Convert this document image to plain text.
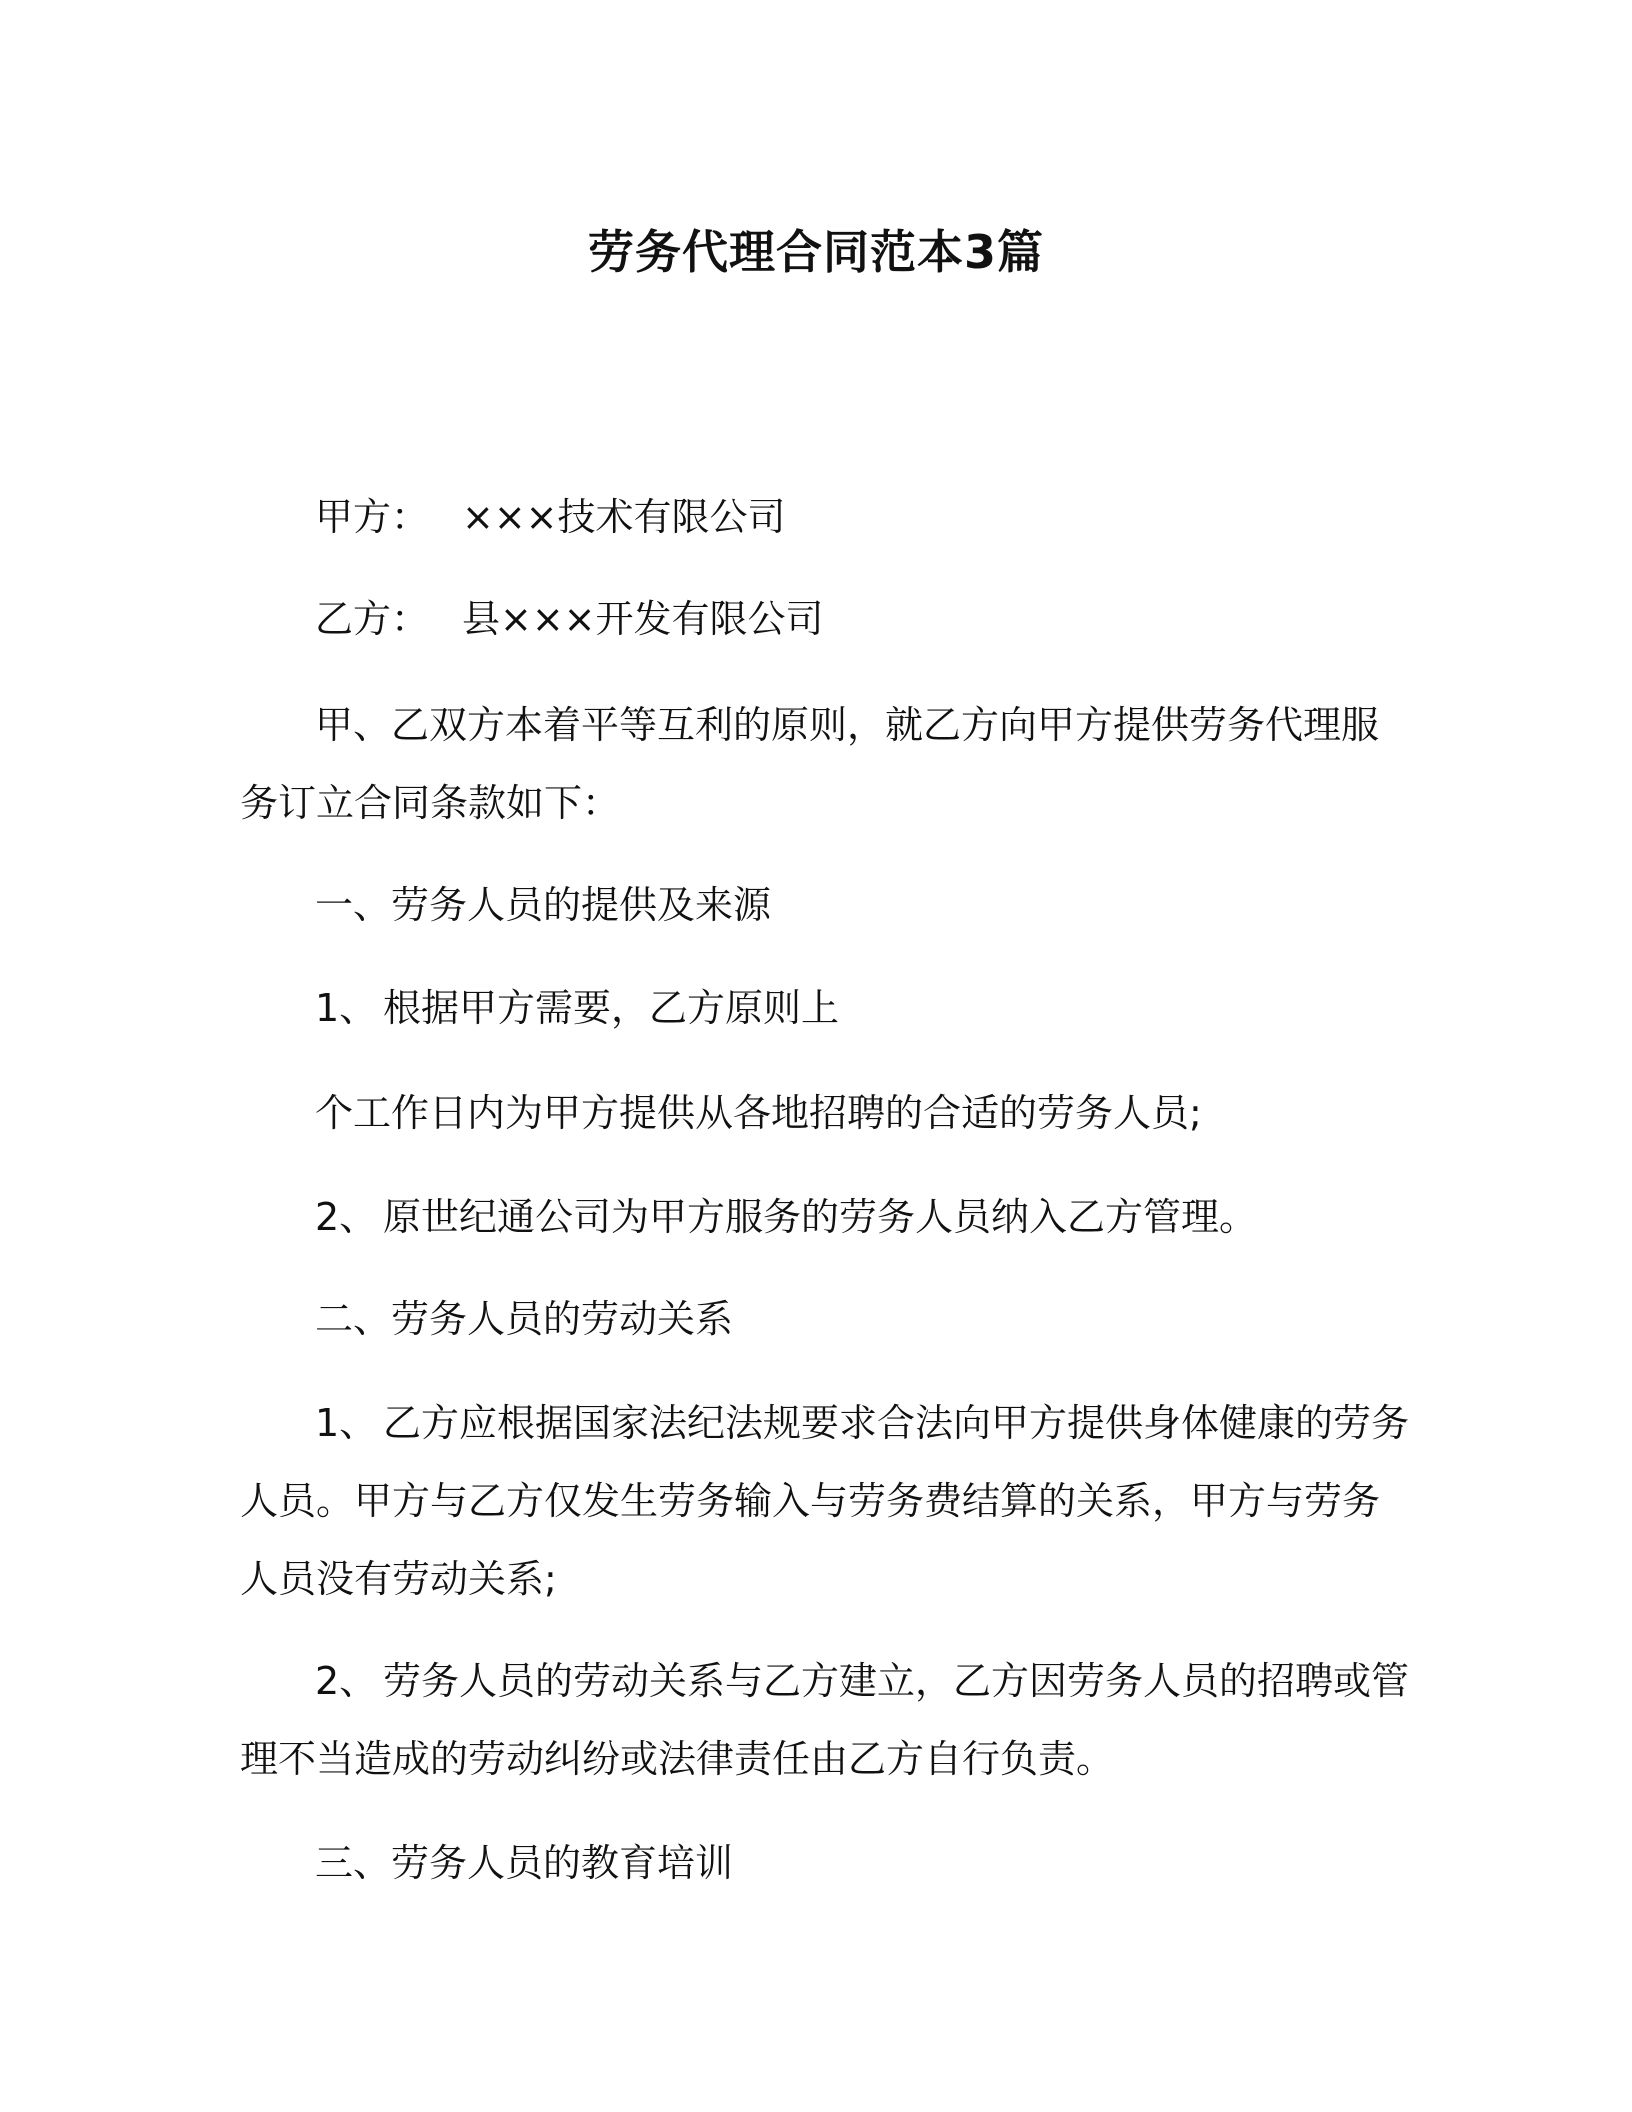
劳务代理合同范本3篇
甲方： ×××技术有限公司
乙方： 县×××开发有限公司
甲、乙双方本着平等互利的原则，就乙方向甲方提供劳务代理服
务订立合同条款如下：
一、劳务人员的提供及来源
1、 根据甲方需要，乙方原则上
个工作日内为甲方提供从各地招聘的合适的劳务人员;
2、 原世纪通公司为甲方服务的劳务人员纳入乙方管理。
二、劳务人员的劳动关系
1、 乙方应根据国家法纪法规要求合法向甲方提供身体健康的劳务
人员。甲方与乙方仅发生劳务输入与劳务费结算的关系，甲方与劳务
人员没有劳动关系;
2、 劳务人员的劳动关系与乙方建立，乙方因劳务人员的招聘或管
理不当造成的劳动纠纷或法律责任由乙方自行负责。
三、劳务人员的教育培训
